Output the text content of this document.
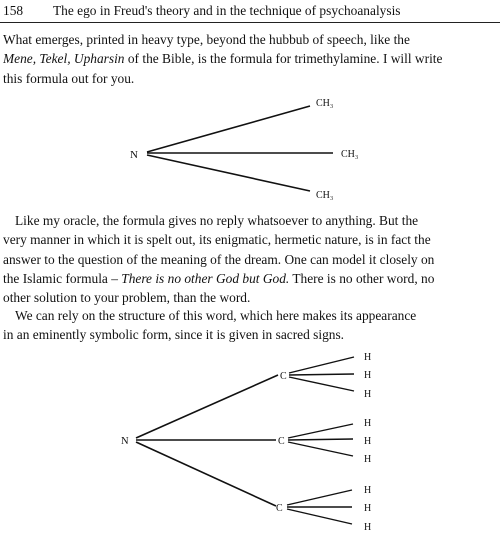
158 The ego in Freud's theory and in the technique of psychoanalysis
What emerges, printed in heavy type, beyond the hubbub of speech, like the
Mene, Tekel, Upharsin of the Bible, is the formula for trimethylamine. I will write
this formula out for you.
N
CH₃
CH₃
CH₃
Like my oracle, the formula gives no reply whatsoever to anything. But the
very manner in which it is spelt out, its enigmatic, hermetic nature, is in fact the
answer to the question of the meaning of the dream. One can model it closely on
the Islamic formula – There is no other God but God. There is no other word, no
other solution to your problem, than the word.
We can rely on the structure of this word, which here makes its appearance
in an eminently symbolic form, since it is given in sacred signs.
N
C
H
H
H
C
H
H
H
C
H
H
H
